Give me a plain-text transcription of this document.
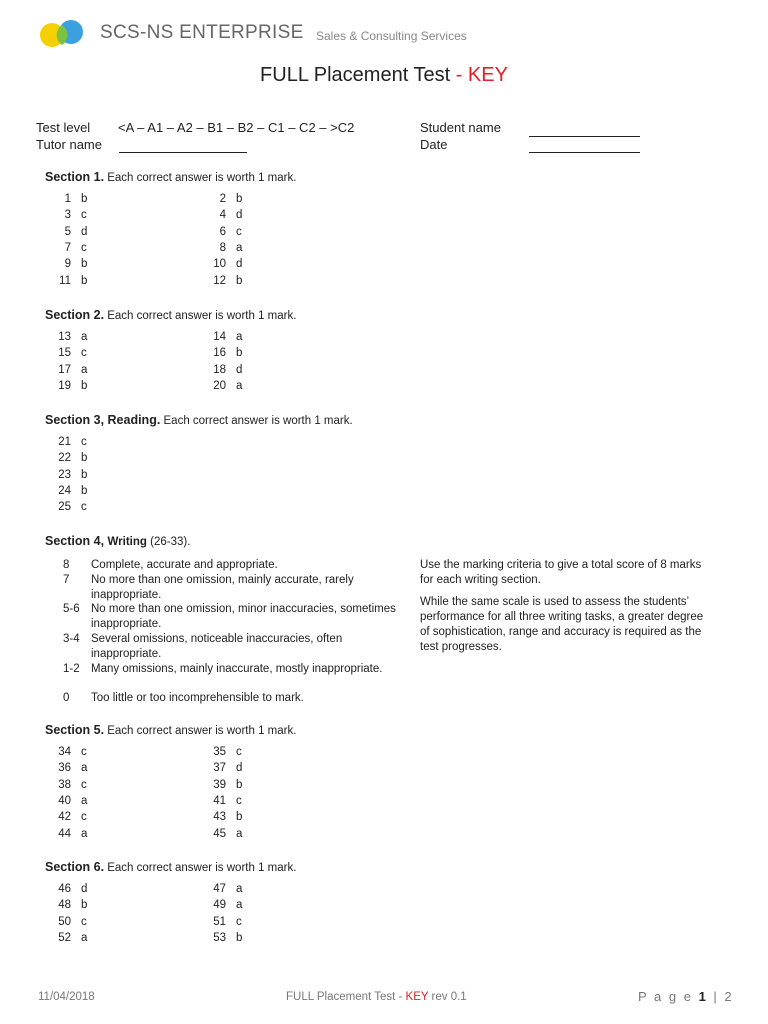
SCS-NS ENTERPRISE Sales & Consulting Services
FULL Placement Test - KEY
Test level <A – A1 – A2 – B1 – B2 – C1 – C2 – >C2
Tutor name
Student name
Date
Section 1. Each correct answer is worth 1 mark.
Section 2. Each correct answer is worth 1 mark.
Section 3, Reading. Each correct answer is worth 1 mark.
Section 4, Writing (26-33).
Section 5. Each correct answer is worth 1 mark.
Section 6. Each correct answer is worth 1 mark.
1 b	2 b
3 c	4 d
5 d	6 c
7 c	8 a
9 b	10 d
11 b	12 b
13 a	14 a
15 c	16 b
17 a	18 d
19 b	20 a
21 c
22 b
23 b
24 b
25 c
34 c	35 c
36 a	37 d
38 c	39 b
40 a	41 c
42 c	43 b
44 a	45 a
46 d	47 a
48 b	49 a
50 c	51 c
52 a	53 b
8 Complete, accurate and appropriate.
7 No more than one omission, mainly accurate, rarely inappropriate.
5-6 No more than one omission, minor inaccuracies, sometimes inappropriate.
3-4 Several omissions, noticeable inaccuracies, often inappropriate.
1-2 Many omissions, mainly inaccurate, mostly inappropriate.
0 Too little or too incomprehensible to mark.
Use the marking criteria to give a total score of 8 marks for each writing section.
While the same scale is used to assess the students’ performance for all three writing tasks, a greater degree of sophistication, range and accuracy is required as the test progresses.
11/04/2018	FULL Placement Test - KEY rev 0.1	P a g e 1 | 2
